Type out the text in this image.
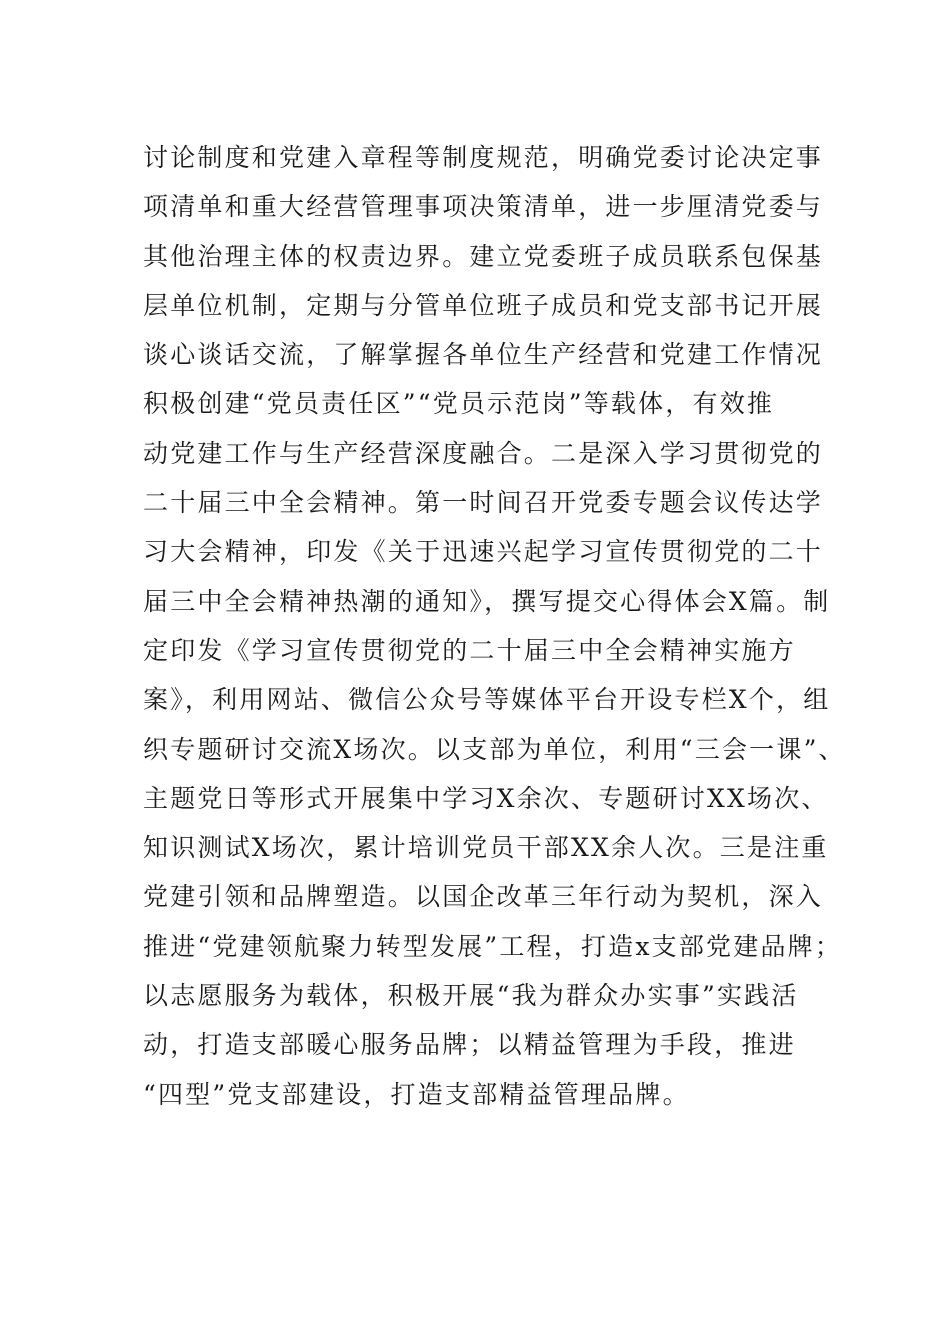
讨论制度和党建入章程等制度规范，明确党委讨论决定事
项清单和重大经营管理事项决策清单，进一步厘清党委与
其他治理主体的权责边界。建立党委班子成员联系包保基
层单位机制，定期与分管单位班子成员和党支部书记开展
谈心谈话交流，了解掌握各单位生产经营和党建工作情况
积极创建“党员责任区”“党员示范岗”等载体，有效推
动党建工作与生产经营深度融合。二是深入学习贯彻党的
二十届三中全会精神。第一时间召开党委专题会议传达学
习大会精神，印发《关于迅速兴起学习宣传贯彻党的二十
届三中全会精神热潮的通知》，撰写提交心得体会X篇。制
定印发《学习宣传贯彻党的二十届三中全会精神实施方
案》，利用网站、微信公众号等媒体平台开设专栏X个，组
织专题研讨交流X场次。以支部为单位，利用“三会一课”、
主题党日等形式开展集中学习X余次、专题研讨XX场次、
知识测试X场次，累计培训党员干部XX余人次。三是注重
党建引领和品牌塑造。以国企改革三年行动为契机，深入
推进“党建领航聚力转型发展”工程，打造x支部党建品牌；
以志愿服务为载体，积极开展“我为群众办实事”实践活
动，打造支部暖心服务品牌；以精益管理为手段，推进
“四型”党支部建设，打造支部精益管理品牌。
